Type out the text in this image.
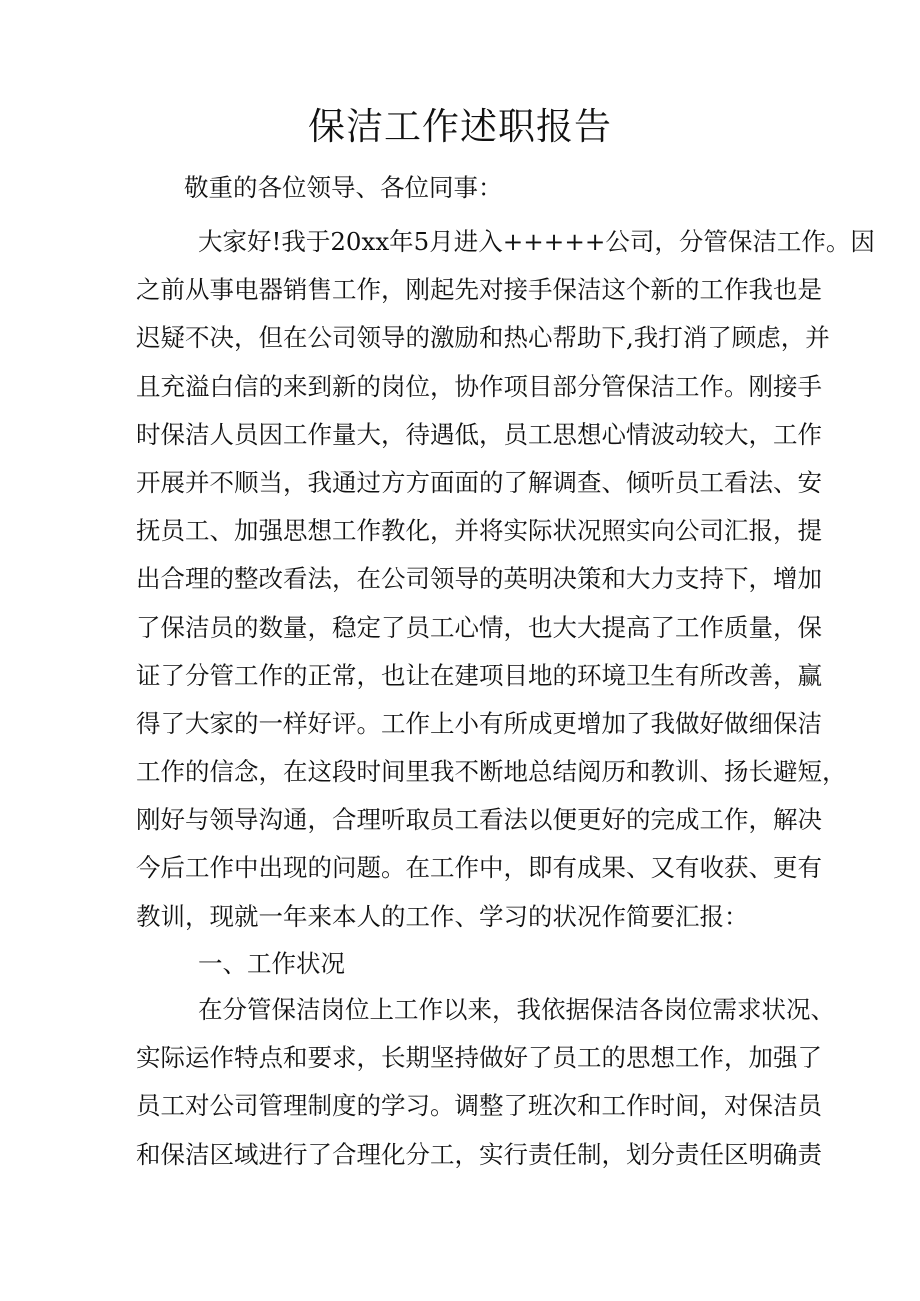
保洁工作述职报告
敬重的各位领导、各位同事：
大家好!我于20xx年5月进入+++++公司，分管保洁工作。因
之前从事电器销售工作，刚起先对接手保洁这个新的工作我也是
迟疑不决，但在公司领导的激励和热心帮助下,我打消了顾虑，并
且充溢白信的来到新的岗位，协作项目部分管保洁工作。刚接手
时保洁人员因工作量大，待遇低，员工思想心情波动较大，工作
开展并不顺当，我通过方方面面的了解调查、倾听员工看法、安
抚员工、加强思想工作教化，并将实际状况照实向公司汇报，提
出合理的整改看法，在公司领导的英明决策和大力支持下，增加
了保洁员的数量，稳定了员工心情，也大大提高了工作质量，保
证了分管工作的正常，也让在建项目地的环境卫生有所改善，赢
得了大家的一样好评。工作上小有所成更增加了我做好做细保洁
工作的信念，在这段时间里我不断地总结阅历和教训、扬长避短，
刚好与领导沟通，合理听取员工看法以便更好的完成工作，解决
今后工作中出现的问题。在工作中，即有成果、又有收获、更有
教训，现就一年来本人的工作、学习的状况作简要汇报：
一、工作状况
在分管保洁岗位上工作以来，我依据保洁各岗位需求状况、
实际运作特点和要求，长期坚持做好了员工的思想工作，加强了
员工对公司管理制度的学习。调整了班次和工作时间，对保洁员
和保洁区域进行了合理化分工，实行责任制，划分责任区明确责
